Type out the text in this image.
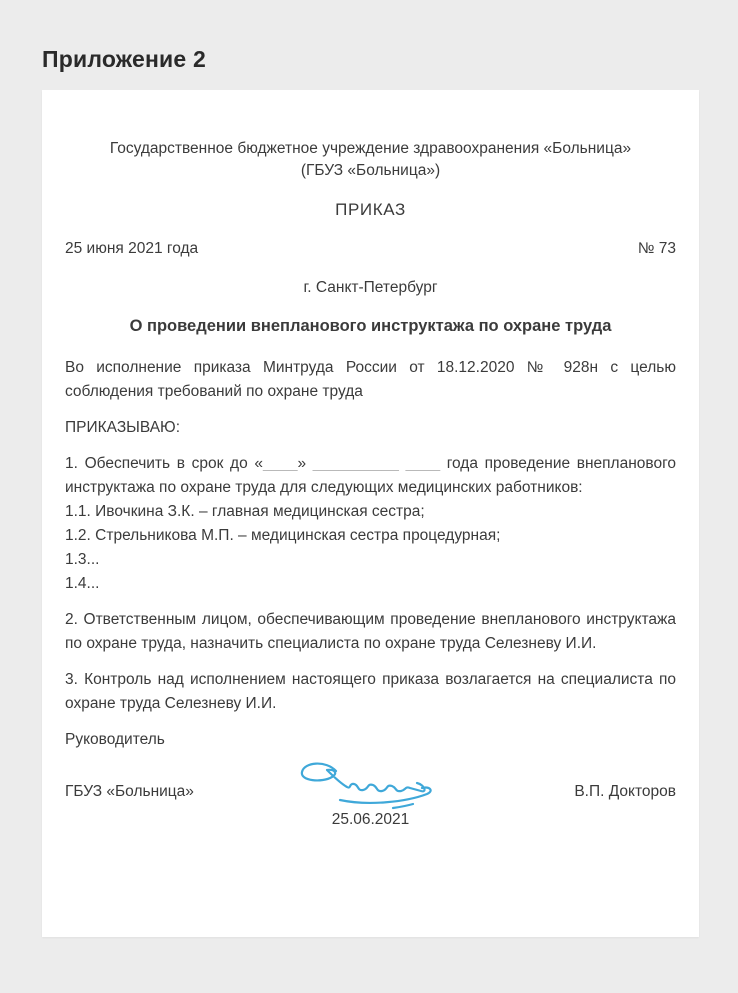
Приложение 2
Государственное бюджетное учреждение здравоохранения «Больница»
(ГБУЗ «Больница»)
ПРИКАЗ
25 июня 2021 года	№ 73
г. Санкт-Петербург
О проведении внепланового инструктажа по охране труда

Во исполнение приказа Минтруда России от 18.12.2020 № 928н с целью соблюдения требований по охране труда

ПРИКАЗЫВАЮ:

1. Обеспечить в срок до «____» __________ ____ года проведение внепланового инструктажа по охране труда для следующих медицинских работников:

1.1. Ивочкина З.К. – главная медицинская сестра;

1.2. Стрельникова М.П. – медицинская сестра процедурная;

1.3...

1.4...

2. Ответственным лицом, обеспечивающим проведение внепланового инструктажа по охране труда, назначить специалиста по охране труда Селезневу И.И.

3. Контроль над исполнением настоящего приказа возлагается на специалиста по охране труда Селезневу И.И.

Руководитель

ГБУЗ «Больница»
25.06.2021
В.П. Докторов
